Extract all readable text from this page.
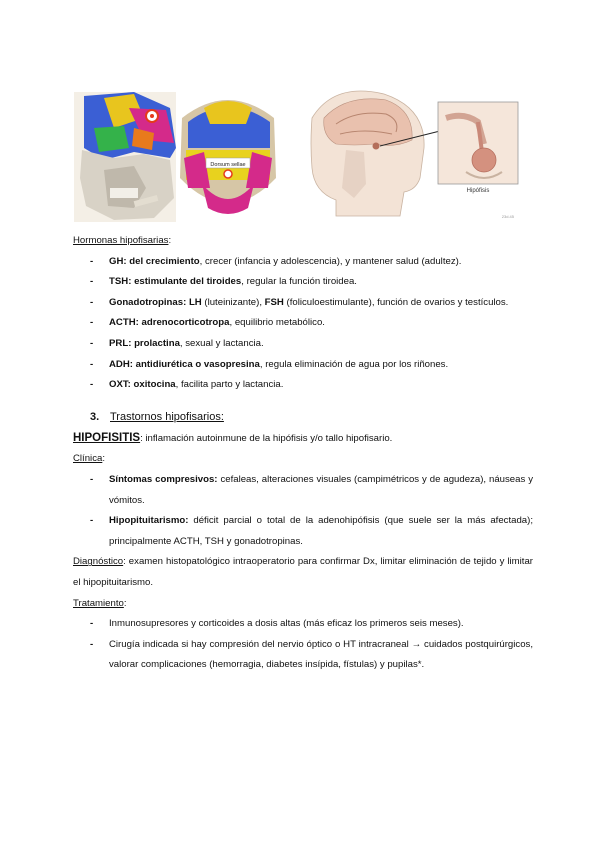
Dorsum sellae
Hipófisis
23d.45
Hormonas hipofisarias:
- GH: del crecimiento, crecer (infancia y adolescencia), y mantener salud (adultez).
- TSH: estimulante del tiroides, regular la función tiroidea.
- Gonadotropinas: LH (luteinizante), FSH (foliculoestimulante), función de ovarios y testículos.
- ACTH: adrenocorticotropa, equilibrio metabólico.
- PRL: prolactina, sexual y lactancia.
- ADH: antidiurética o vasopresina, regula eliminación de agua por los riñones.
- OXT: oxitocina, facilita parto y lactancia.
3. Trastornos hipofisarios:
HIPOFISITIS: inflamación autoinmune de la hipófisis y/o tallo hipofisario.
Clínica:
- Síntomas compresivos: cefaleas, alteraciones visuales (campimétricos y de agudeza), náuseas y vómitos.
- Hipopituitarismo: déficit parcial o total de la adenohipófisis (que suele ser la más afectada); principalmente ACTH, TSH y gonadotropinas.
Diagnóstico: examen histopatológico intraoperatorio para confirmar Dx, limitar eliminación de tejido y limitar el hipopituitarismo.
Tratamiento:
- Inmunosupresores y corticoides a dosis altas (más eficaz los primeros seis meses).
- Cirugía indicada si hay compresión del nervio óptico o HT intracraneal → cuidados postquirúrgicos, valorar complicaciones (hemorragia, diabetes insípida, fístulas) y pupilas*.
